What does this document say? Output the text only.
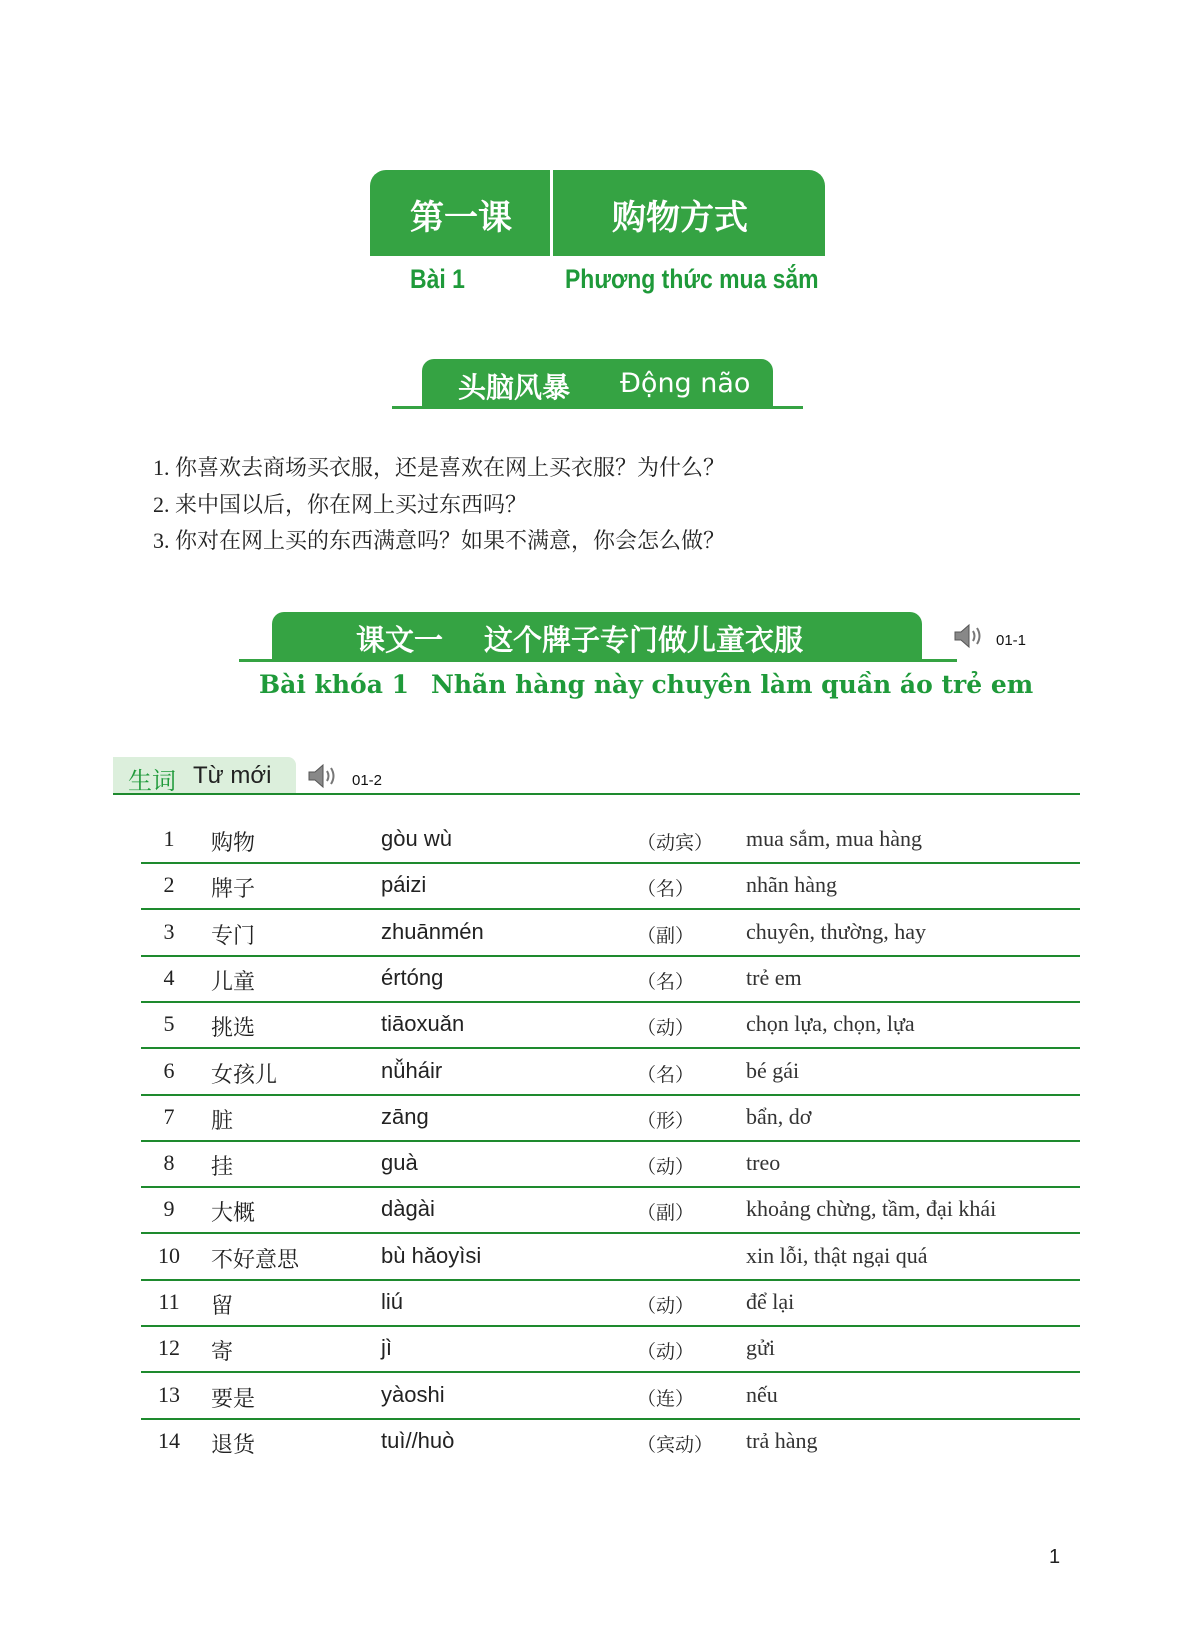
第一课	购物方式
Bài 1	Phương thức mua sắm
头脑风暴 Động não
1. 你喜欢去商场买衣服，还是喜欢在网上买衣服？为什么？
2. 来中国以后，你在网上买过东西吗？
3. 你对在网上买的东西满意吗？如果不满意，你会怎么做？
课文一 这个牌子专门做儿童衣服	01-1
Bài khóa 1 Nhãn hàng này chuyên làm quần áo trẻ em
生词 Từ mới	01-2
1	购物	gòu wù	（动宾） mua sắm, mua hàng
2	牌子	páizi	（名） nhãn hàng
3	专门	zhuānmén	（副） chuyên, thường, hay
4	儿童	értóng	（名） trẻ em
5	挑选	tiāoxuǎn	（动） chọn lựa, chọn, lựa
6	女孩儿	nǚháir	（名） bé gái
7	脏	zāng	（形） bẩn, dơ
8	挂	guà	（动） treo
9	大概	dàgài	（副） khoảng chừng, tầm, đại khái
10	不好意思	bù hǎoyìsi	xin lỗi, thật ngại quá
11	留	liú	（动） để lại
12	寄	jì	（动） gửi
13	要是	yàoshi	（连） nếu
14	退货	tuì//huò	（宾动） trả hàng
1
